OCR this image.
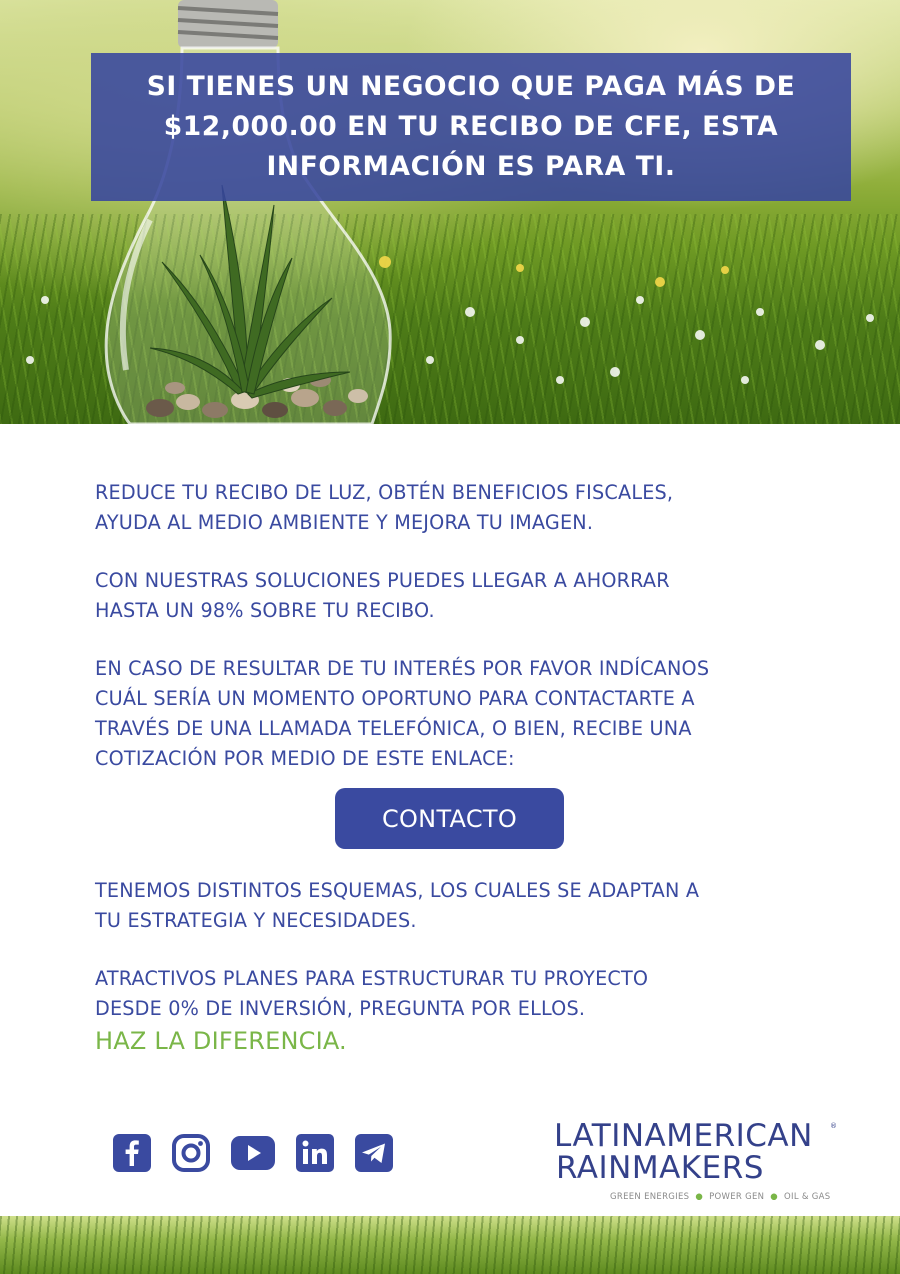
SI TIENES UN NEGOCIO QUE PAGA MÁS DE
$12,000.00 EN TU RECIBO DE CFE, ESTA
INFORMACIÓN ES PARA TI.

REDUCE TU RECIBO DE LUZ, OBTÉN BENEFICIOS FISCALES,
AYUDA AL MEDIO AMBIENTE Y MEJORA TU IMAGEN.

CON NUESTRAS SOLUCIONES PUEDES LLEGAR A AHORRAR
HASTA UN 98% SOBRE TU RECIBO.

EN CASO DE RESULTAR DE TU INTERÉS POR FAVOR INDÍCANOS
CUÁL SERÍA UN MOMENTO OPORTUNO PARA CONTACTARTE A
TRAVÉS DE UNA LLAMADA TELEFÓNICA, O BIEN, RECIBE UNA
COTIZACIÓN POR MEDIO DE ESTE ENLACE:

CONTACTO

TENEMOS DISTINTOS ESQUEMAS, LOS CUALES SE ADAPTAN A
TU ESTRATEGIA Y NECESIDADES.

ATRACTIVOS PLANES PARA ESTRUCTURAR TU PROYECTO
DESDE 0% DE INVERSIÓN, PREGUNTA POR ELLOS.

HAZ LA DIFERENCIA.

LATINAMERICAN	®

RAINMAKERS

GREEN ENERGIES ● POWER GEN ● OIL & GAS
